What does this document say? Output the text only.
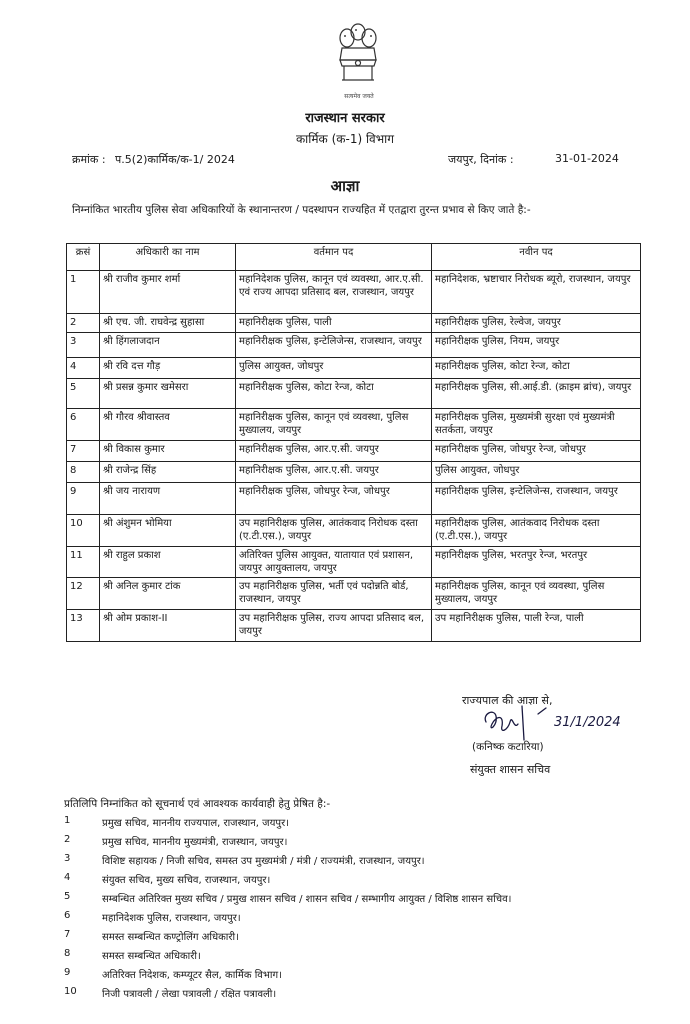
सत्यमेव जयते
राजस्थान सरकार
कार्मिक (क-1) विभाग
क्रमांक : प.5(2)कार्मिक/क-1/ 2024	जयपुर, दिनांक :	31-01-2024
आज्ञा
निम्नांकित भारतीय पुलिस सेवा अधिकारियों के स्थानान्तरण / पदस्थापन राज्यहित में एतद्वारा तुरन्त प्रभाव से किए जाते है:-
क्रसं	अधिकारी का नाम	वर्तमान पद	नवीन पद
1	श्री राजीव कुमार शर्मा	महानिदेशक पुलिस, कानून एवं व्यवस्था, आर.ए.सी. एवं राज्य आपदा प्रतिसाद बल, राजस्थान, जयपुर	महानिदेशक, भ्रष्टाचार निरोधक ब्यूरो, राजस्थान, जयपुर
2	श्री एच. जी. राघवेन्द्र सुहासा	महानिरीक्षक पुलिस, पाली	महानिरीक्षक पुलिस, रेल्वेज, जयपुर
3	श्री हिंगलाजदान	महानिरीक्षक पुलिस, इन्टेलिजेन्स, राजस्थान, जयपुर	महानिरीक्षक पुलिस, नियम, जयपुर
4	श्री रवि दत्त गौड़	पुलिस आयुक्त, जोधपुर	महानिरीक्षक पुलिस, कोटा रेन्ज, कोटा
5	श्री प्रसन्न कुमार खमेसरा	महानिरीक्षक पुलिस, कोटा रेन्ज, कोटा	महानिरीक्षक पुलिस, सी.आई.डी. (क्राइम ब्रांच), जयपुर
6	श्री गौरव श्रीवास्तव	महानिरीक्षक पुलिस, कानून एवं व्यवस्था, पुलिस मुख्यालय, जयपुर	महानिरीक्षक पुलिस, मुख्यमंत्री सुरक्षा एवं मुख्यमंत्री सतर्कता, जयपुर
7	श्री विकास कुमार	महानिरीक्षक पुलिस, आर.ए.सी. जयपुर	महानिरीक्षक पुलिस, जोधपुर रेन्ज, जोधपुर
8	श्री राजेन्द्र सिंह	महानिरीक्षक पुलिस, आर.ए.सी. जयपुर	पुलिस आयुक्त, जोधपुर
9	श्री जय नारायण	महानिरीक्षक पुलिस, जोधपुर रेन्ज, जोधपुर	महानिरीक्षक पुलिस, इन्टेलिजेन्स, राजस्थान, जयपुर
10	श्री अंशुमन भोमिया	उप महानिरीक्षक पुलिस, आतंकवाद निरोधक दस्ता (ए.टी.एस.), जयपुर	महानिरीक्षक पुलिस, आतंकवाद निरोधक दस्ता (ए.टी.एस.), जयपुर
11	श्री राहुल प्रकाश	अतिरिक्त पुलिस आयुक्त, यातायात एवं प्रशासन, जयपुर आयुक्तालय, जयपुर	महानिरीक्षक पुलिस, भरतपुर रेन्ज, भरतपुर
12	श्री अनिल कुमार टांक	उप महानिरीक्षक पुलिस, भर्ती एवं पदोन्नति बोर्ड, राजस्थान, जयपुर	महानिरीक्षक पुलिस, कानून एवं व्यवस्था, पुलिस मुख्यालय, जयपुर
13	श्री ओम प्रकाश-II	उप महानिरीक्षक पुलिस, राज्य आपदा प्रतिसाद बल, जयपुर	उप महानिरीक्षक पुलिस, पाली रेन्ज, पाली
राज्यपाल की आज्ञा से,
31/1/2024
(कनिष्क कटारिया)
संयुक्त शासन सचिव
प्रतिलिपि निम्नांकित को सूचनार्थ एवं आवश्यक कार्यवाही हेतु प्रेषित है:-
1	प्रमुख सचिव, माननीय राज्यपाल, राजस्थान, जयपुर।
2	प्रमुख सचिव, माननीय मुख्यमंत्री, राजस्थान, जयपुर।
3	विशिष्ट सहायक / निजी सचिव, समस्त उप मुख्यमंत्री / मंत्री / राज्यमंत्री, राजस्थान, जयपुर।
4	संयुक्त सचिव, मुख्य सचिव, राजस्थान, जयपुर।
5	सम्बन्धित अतिरिक्त मुख्य सचिव / प्रमुख शासन सचिव / शासन सचिव / सम्भागीय आयुक्त / विशिष्ठ शासन सचिव।
6	महानिदेशक पुलिस, राजस्थान, जयपुर।
7	समस्त सम्बन्धित कण्ट्रोलिंग अधिकारी।
8	समस्त सम्बन्धित अधिकारी।
9	अतिरिक्त निदेशक, कम्प्यूटर सैल, कार्मिक विभाग।
10	निजी पत्रावली / लेखा पत्रावली / रक्षित पत्रावली।
